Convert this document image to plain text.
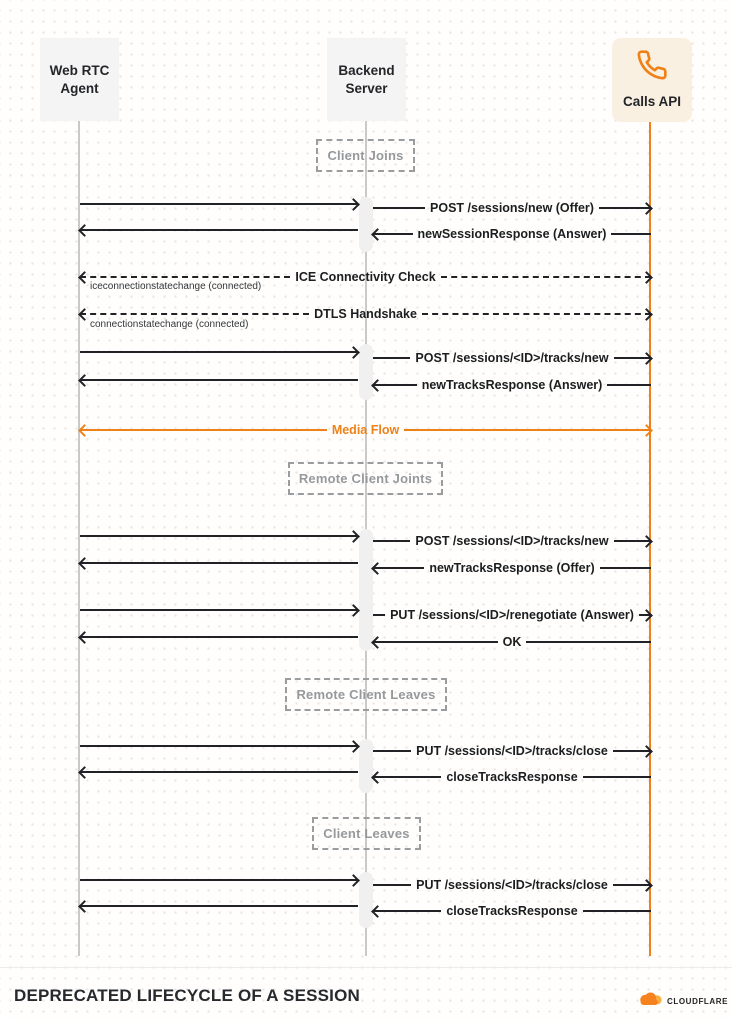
Web RTC
Agent
Backend
Server
Calls API
Client Joins
POST /sessions/new (Offer)
newSessionResponse (Answer)
ICE Connectivity Check
iceconnectionstatechange (connected)
DTLS Handshake
connectionstatechange (connected)
POST /sessions/<ID>/tracks/new
newTracksResponse (Answer)
Media Flow
Remote Client Joints
POST /sessions/<ID>/tracks/new
newTracksResponse (Offer)
PUT /sessions/<ID>/renegotiate (Answer)
OK
Remote Client Leaves
PUT /sessions/<ID>/tracks/close
closeTracksResponse
Client Leaves
PUT /sessions/<ID>/tracks/close
closeTracksResponse
DEPRECATED LIFECYCLE OF A SESSION	CLOUDFLARE
